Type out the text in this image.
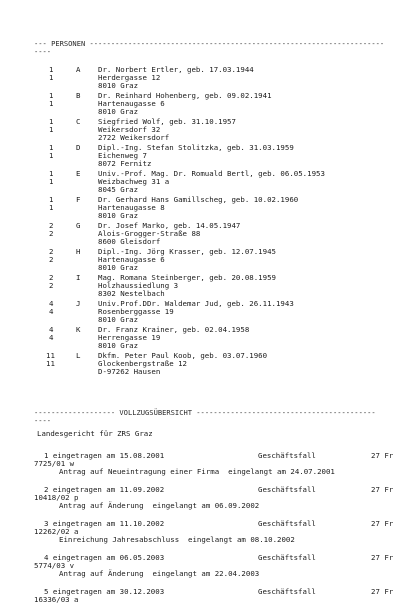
--- PERSONEN ---------------------------------------------------------------------
----
1	A Dr. Norbert Ertler, geb. 17.03.1944
1	Herdergasse 12
8010 Graz
1	B Dr. Reinhard Hohenberg, geb. 09.02.1941
1	Hartenaugasse 6
8010 Graz
1	C Siegfried Wolf, geb. 31.10.1957
1	Weikersdorf 32
2722 Weikersdorf
1	D Dipl.-Ing. Stefan Stolitzka, geb. 31.03.1959
1	Eichenweg 7
8072 Fernitz
1	E Univ.-Prof. Mag. Dr. Romuald Bertl, geb. 06.05.1953
1	Weizbachweg 31 a
8045 Graz
1	F Dr. Gerhard Hans Gamillscheg, geb. 10.02.1960
1	Hartenaugasse 8
8010 Graz
2	G Dr. Josef Marko, geb. 14.05.1947
2	Alois-Grogger-Straße 88
8600 Gleisdorf
2	H Dipl.-Ing. Jörg Krasser, geb. 12.07.1945
2	Hartenaugasse 6
8010 Graz
2	I Mag. Romana Steinberger, geb. 20.08.1959
2	Holzhaussiedlung 3
8302 Nestelbach
4	J Univ.Prof.DDr. Waldemar Jud, geb. 26.11.1943
4	Rosenberggasse 19
8010 Graz
4	K Dr. Franz Krainer, geb. 02.04.1958
4	Herrengasse 19
8010 Graz
11	L Dkfm. Peter Paul Koob, geb. 03.07.1960
11	Glockenbergstraße 12
D-97262 Hausen
------------------- VOLLZUGSÜBERSICHT ------------------------------------------
----
Landesgericht für ZRS Graz
1 eingetragen am 15.08.2001	Geschäftsfall	27 Fr
7725/01 w
Antrag auf Neueintragung einer Firma  eingelangt am 24.07.2001
2 eingetragen am 11.09.2002	Geschäftsfall	27 Fr
10418/02 p
Antrag auf Änderung  eingelangt am 06.09.2002
3 eingetragen am 11.10.2002	Geschäftsfall	27 Fr
12262/02 a
Einreichung Jahresabschluss  eingelangt am 08.10.2002
4 eingetragen am 06.05.2003	Geschäftsfall	27 Fr
5774/03 v
Antrag auf Änderung  eingelangt am 22.04.2003
5 eingetragen am 30.12.2003	Geschäftsfall	27 Fr
16336/03 a
